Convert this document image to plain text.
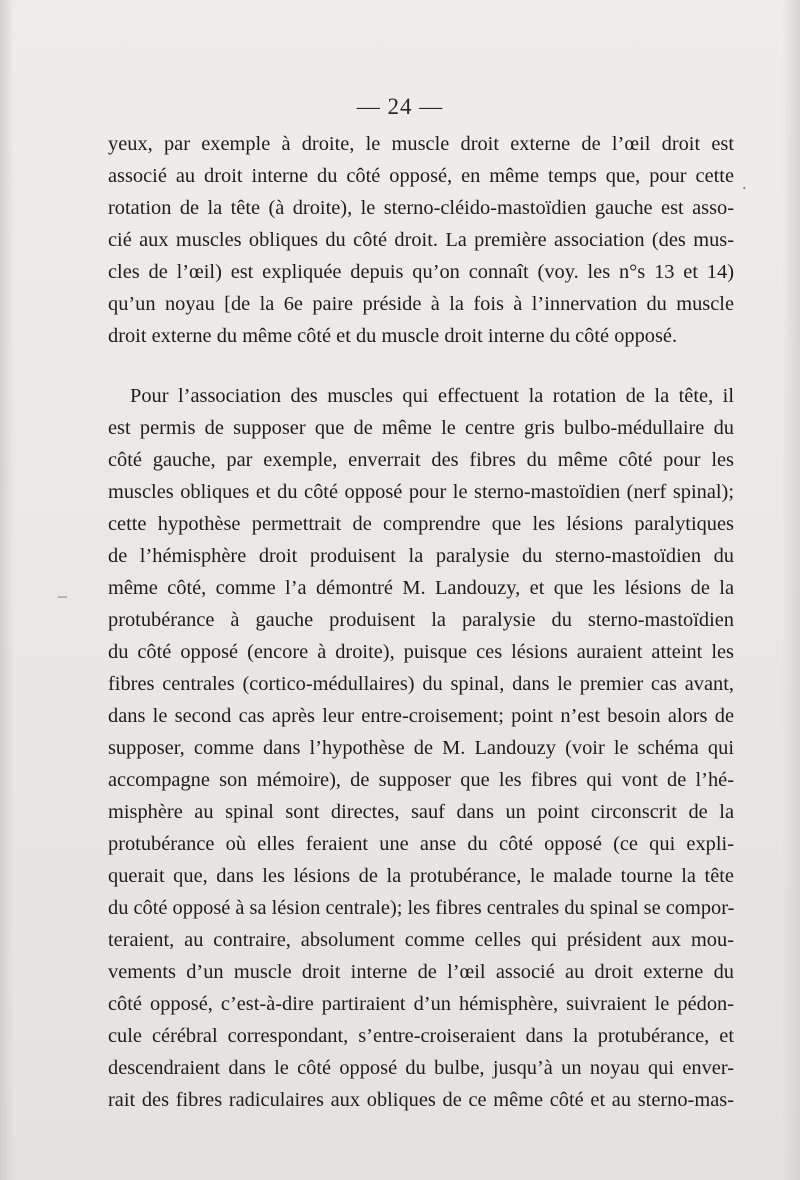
— 24 —
.
_
yeux, par exemple à droite, le muscle droit externe de l’œil droit est
associé au droit interne du côté opposé, en même temps que, pour cette
rotation de la tête (à droite), le sterno-cléido-mastoïdien gauche est asso-
cié aux muscles obliques du côté droit. La première association (des mus-
cles de l’œil) est expliquée depuis qu’on connaît (voy. les n°s 13 et 14)
qu’un noyau [de la 6e paire préside à la fois à l’innervation du muscle
droit externe du même côté et du muscle droit interne du côté opposé.
Pour l’association des muscles qui effectuent la rotation de la tête, il
est permis de supposer que de même le centre gris bulbo-médullaire du
côté gauche, par exemple, enverrait des fibres du même côté pour les
muscles obliques et du côté opposé pour le sterno-mastoïdien (nerf spinal);
cette hypothèse permettrait de comprendre que les lésions paralytiques
de l’hémisphère droit produisent la paralysie du sterno-mastoïdien du
même côté, comme l’a démontré M. Landouzy, et que les lésions de la
protubérance à gauche produisent la paralysie du sterno-mastoïdien
du côté opposé (encore à droite), puisque ces lésions auraient atteint les
fibres centrales (cortico-médullaires) du spinal, dans le premier cas avant,
dans le second cas après leur entre-croisement; point n’est besoin alors de
supposer, comme dans l’hypothèse de M. Landouzy (voir le schéma qui
accompagne son mémoire), de supposer que les fibres qui vont de l’hé-
misphère au spinal sont directes, sauf dans un point circonscrit de la
protubérance où elles feraient une anse du côté opposé (ce qui expli-
querait que, dans les lésions de la protubérance, le malade tourne la tête
du côté opposé à sa lésion centrale); les fibres centrales du spinal se compor-
teraient, au contraire, absolument comme celles qui président aux mou-
vements d’un muscle droit interne de l’œil associé au droit externe du
côté opposé, c’est-à-dire partiraient d’un hémisphère, suivraient le pédon-
cule cérébral correspondant, s’entre-croiseraient dans la protubérance, et
descendraient dans le côté opposé du bulbe, jusqu’à un noyau qui enver-
rait des fibres radiculaires aux obliques de ce même côté et au sterno-mas-
